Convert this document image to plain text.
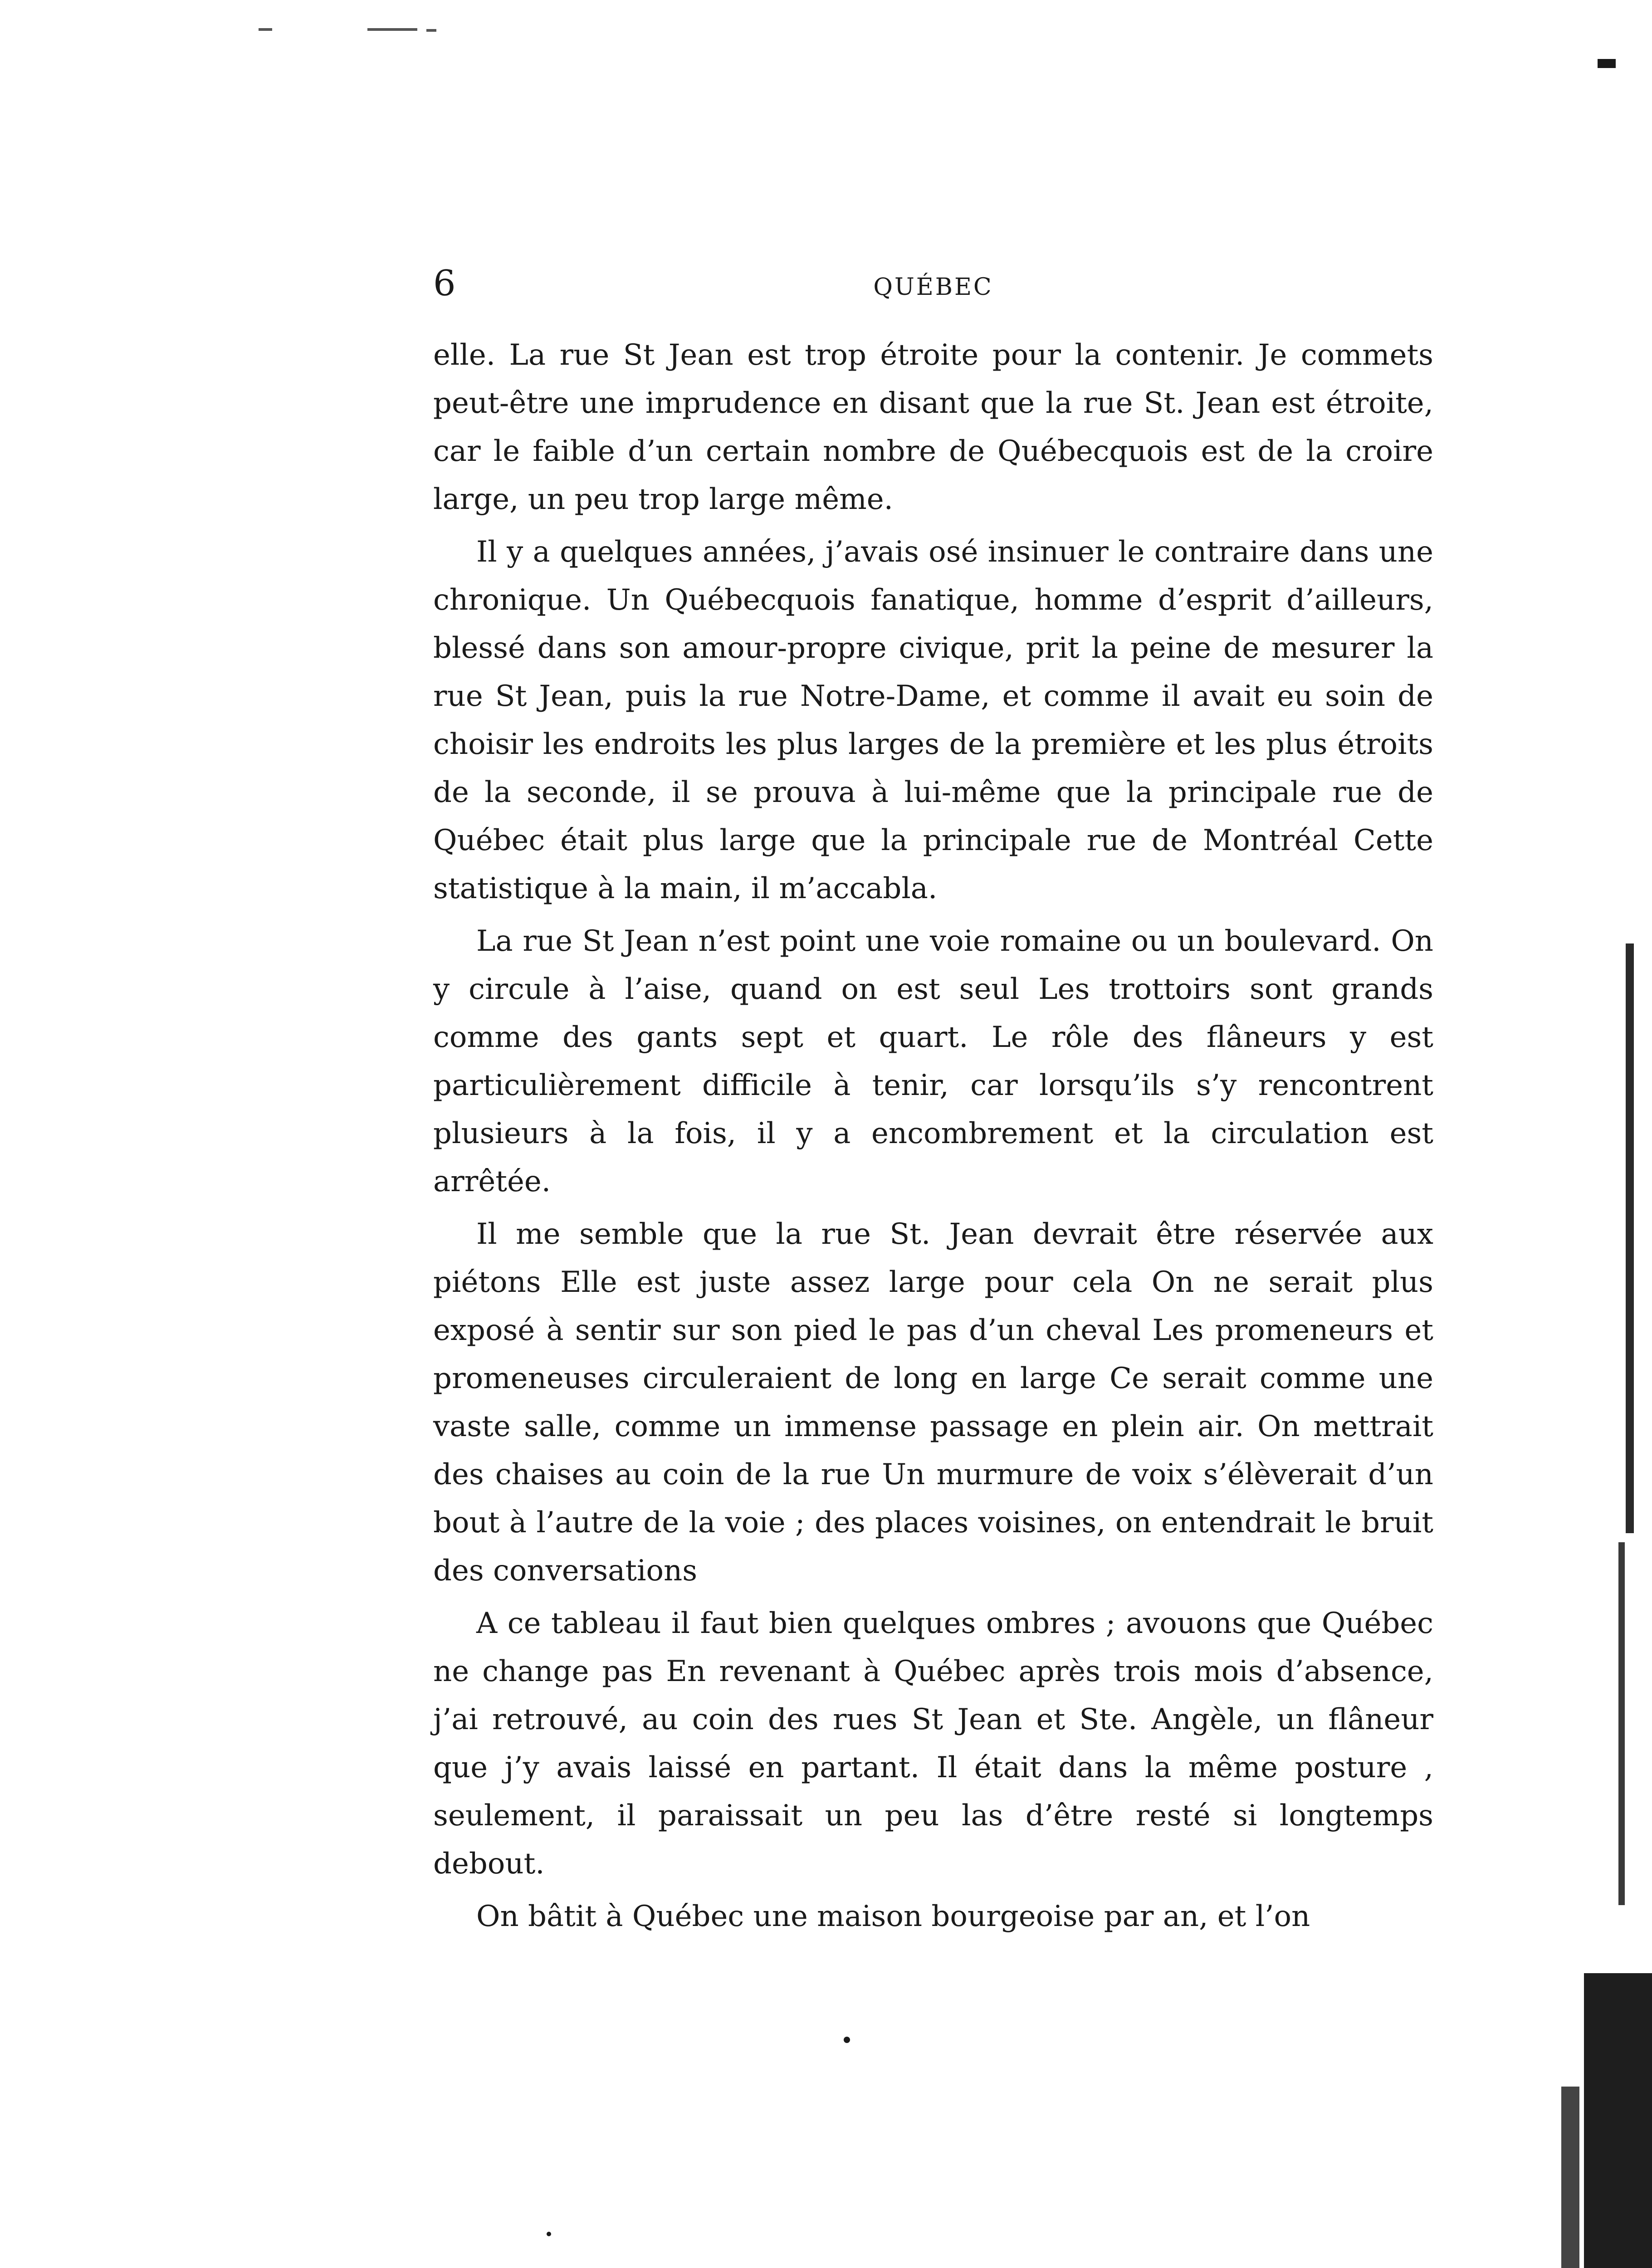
6	QUÉBEC

elle. La rue St Jean est trop étroite pour la contenir. Je commets peut-être une imprudence en disant que la rue St. Jean est étroite, car le faible d’un certain nombre de Québecquois est de la croire large, un peu trop large même.

Il y a quelques années, j’avais osé insinuer le contraire dans une chronique. Un Québecquois fanatique, homme d’esprit d’ailleurs, blessé dans son amour-propre civique, prit la peine de mesurer la rue St Jean, puis la rue Notre-Dame, et comme il avait eu soin de choisir les endroits les plus larges de la première et les plus étroits de la seconde, il se prouva à lui-même que la principale rue de Québec était plus large que la principale rue de Montréal Cette statistique à la main, il m’accabla.

La rue St Jean n’est point une voie romaine ou un boulevard. On y circule à l’aise, quand on est seul Les trottoirs sont grands comme des gants sept et quart. Le rôle des flâneurs y est particulièrement difficile à tenir, car lorsqu’ils s’y rencontrent plusieurs à la fois, il y a encombrement et la circulation est arrêtée.

Il me semble que la rue St. Jean devrait être réservée aux piétons Elle est juste assez large pour cela On ne serait plus exposé à sentir sur son pied le pas d’un cheval Les promeneurs et promeneuses circuleraient de long en large Ce serait comme une vaste salle, comme un immense passage en plein air. On mettrait des chaises au coin de la rue Un murmure de voix s’élèverait d’un bout à l’autre de la voie ; des places voisines, on entendrait le bruit des conversations

A ce tableau il faut bien quelques ombres ; avouons que Québec ne change pas En revenant à Québec après trois mois d’absence, j’ai retrouvé, au coin des rues St Jean et Ste. Angèle, un flâneur que j’y avais laissé en partant. Il était dans la même posture , seulement, il paraissait un peu las d’être resté si longtemps debout.

On bâtit à Québec une maison bourgeoise par an, et l’on
